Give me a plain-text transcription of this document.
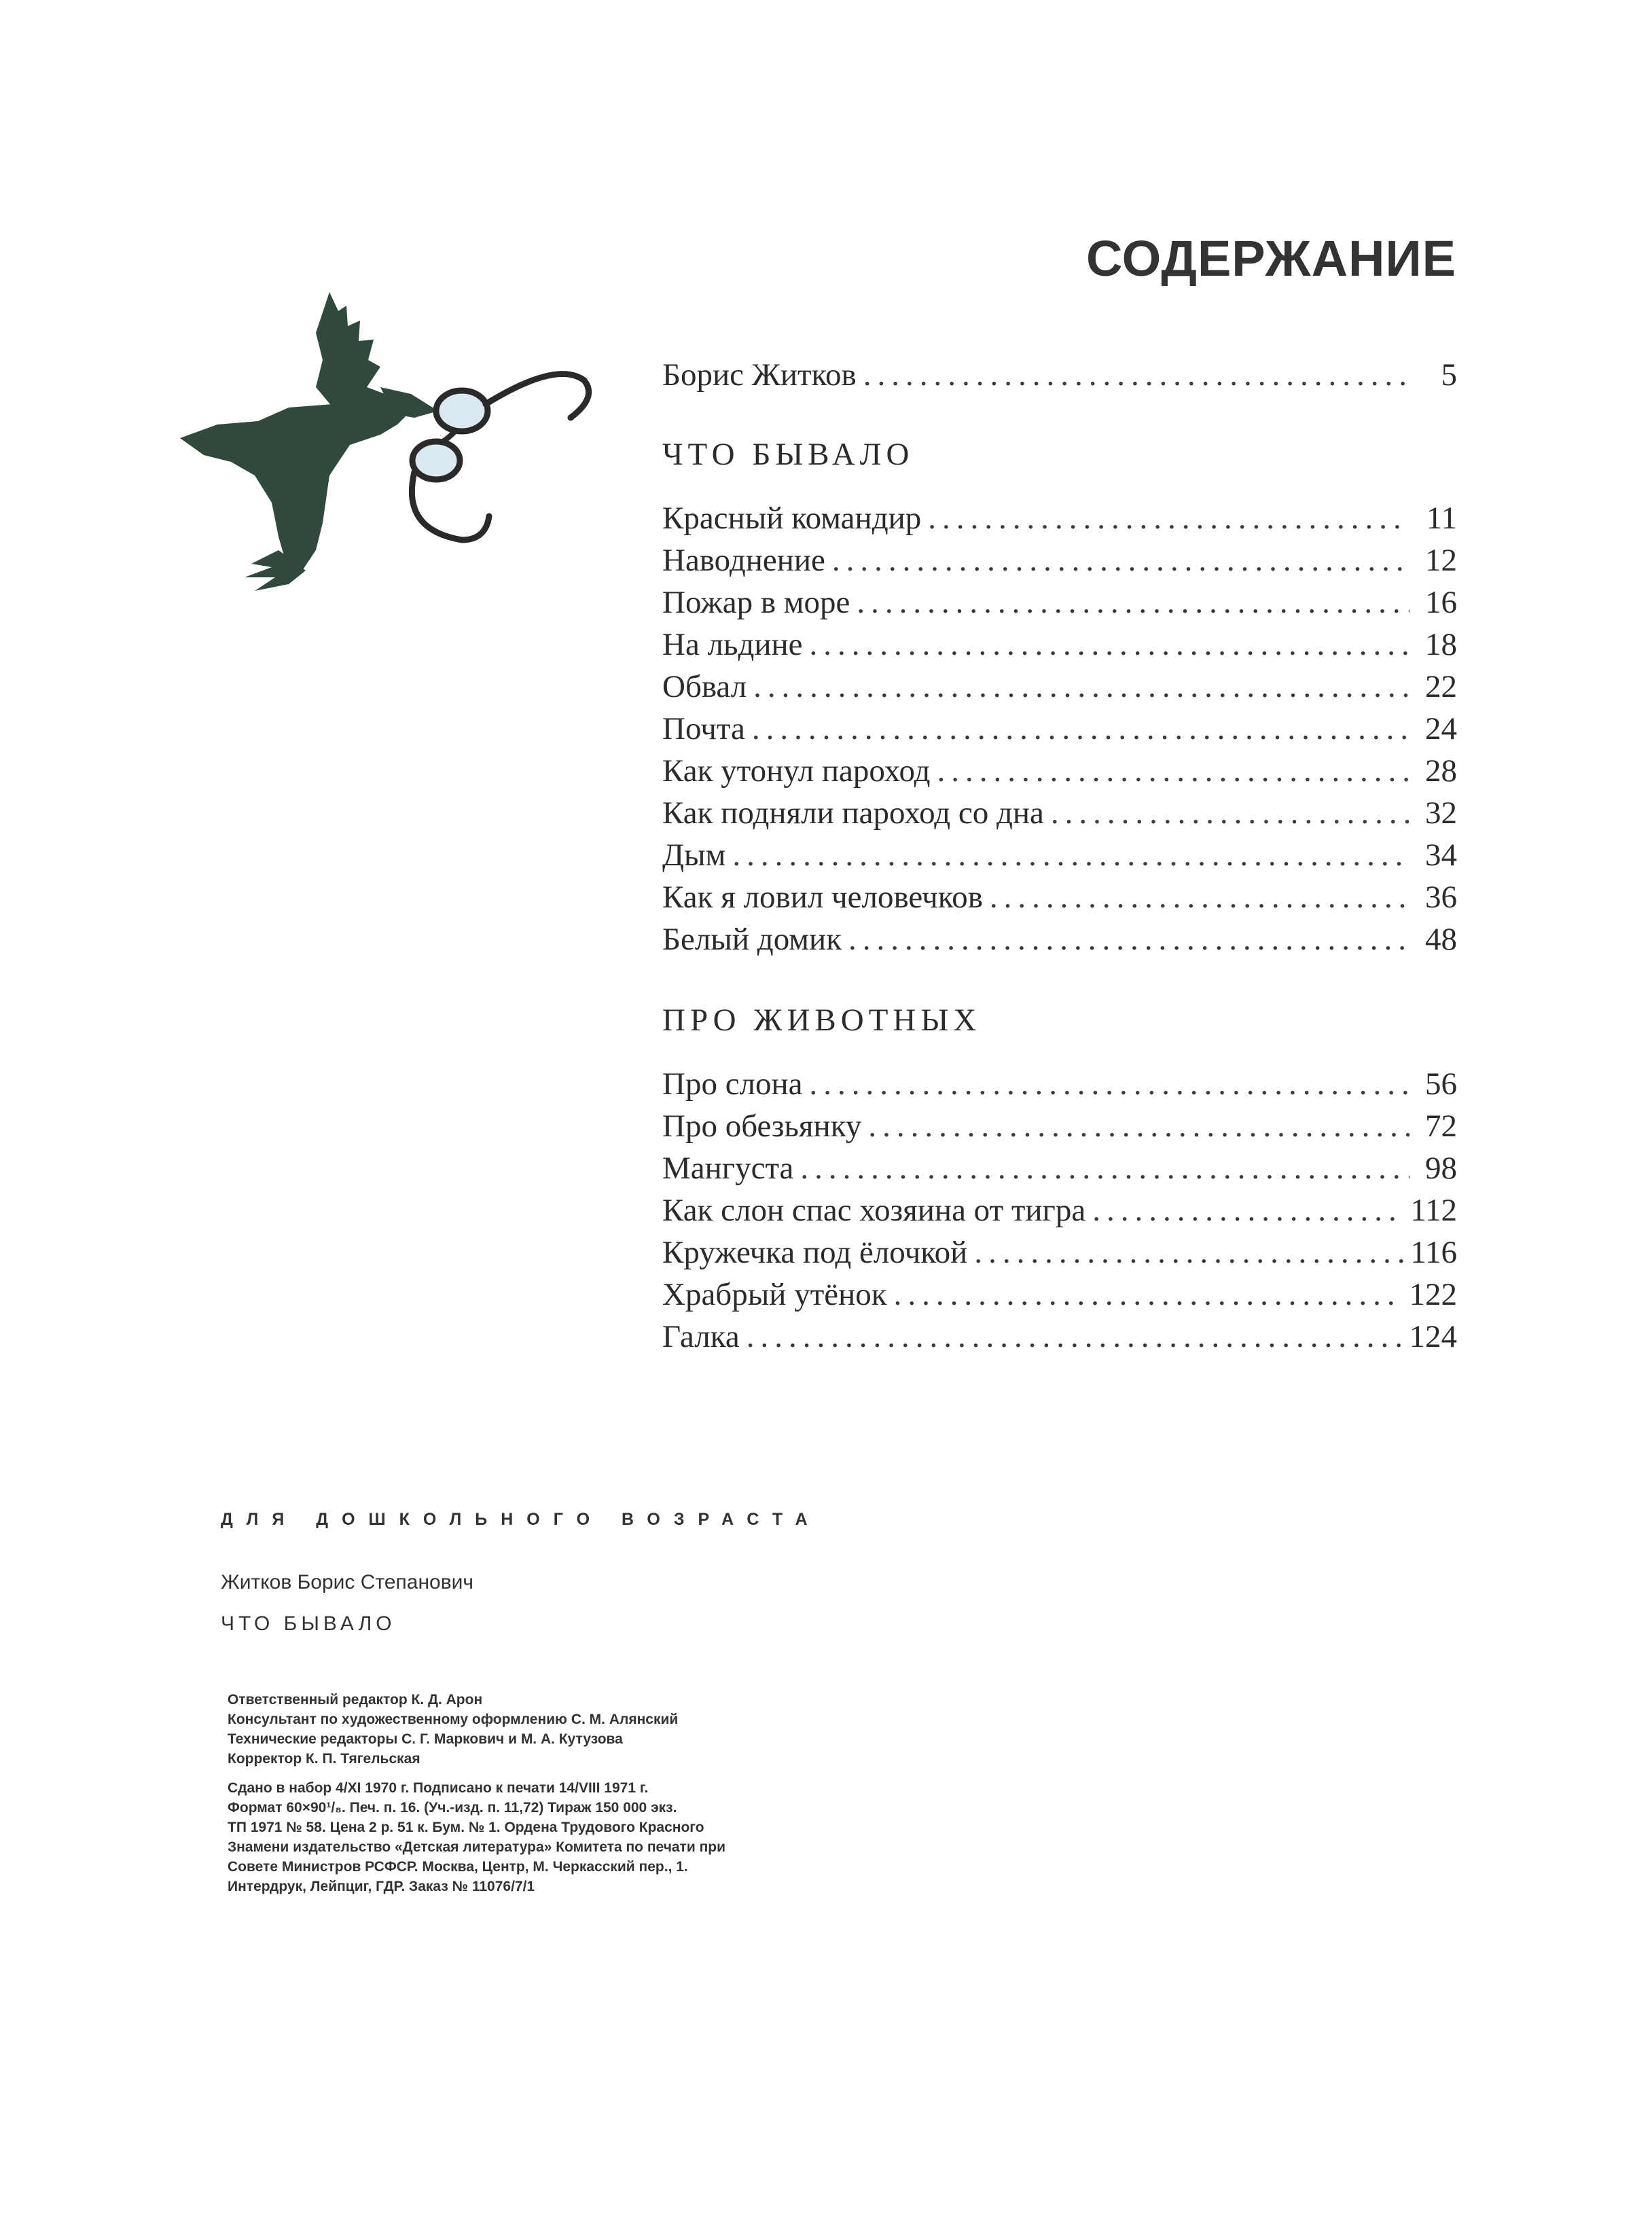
СОДЕРЖАНИЕ
Борис Житков .....	5
ЧТО БЫВАЛО
Красный командир .....	11
Наводнение .....	12
Пожар в море .....	16
На льдине .....	18
Обвал .....	22
Почта .....	24
Как утонул пароход .....	28
Как подняли пароход со дна .....	32
Дым .....	34
Как я ловил человечков .....	36
Белый домик .....	48
ПРО ЖИВОТНЫХ
Про слона .....	56
Про обезьянку .....	72
Мангуста .....	98
Как слон спас хозяина от тигра .....	112
Кружечка под ёлочкой .....	116
Храбрый утёнок .....	122
Галка .....	124
ДЛЯ ДОШКОЛЬНОГО ВОЗРАСТА
Житков Борис Степанович
ЧТО БЫВАЛО
Ответственный редактор К. Д. Арон
Консультант по художественному оформлению С. М. Алянский
Технические редакторы С. Г. Маркович и М. А. Кутузова
Корректор К. П. Тягельская
Сдано в набор 4/XI 1970 г. Подписано к печати 14/VIII 1971 г.
Формат 60×90¹/₈. Печ. п. 16. (Уч.-изд. п. 11,72) Тираж 150 000 экз.
ТП 1971 № 58. Цена 2 р. 51 к. Бум. № 1. Ордена Трудового Красного
Знамени издательство «Детская литература» Комитета по печати при
Совете Министров РСФСР. Москва, Центр, М. Черкасский пер., 1.
Интердрук, Лейпциг, ГДР. Заказ № 11076/7/1
